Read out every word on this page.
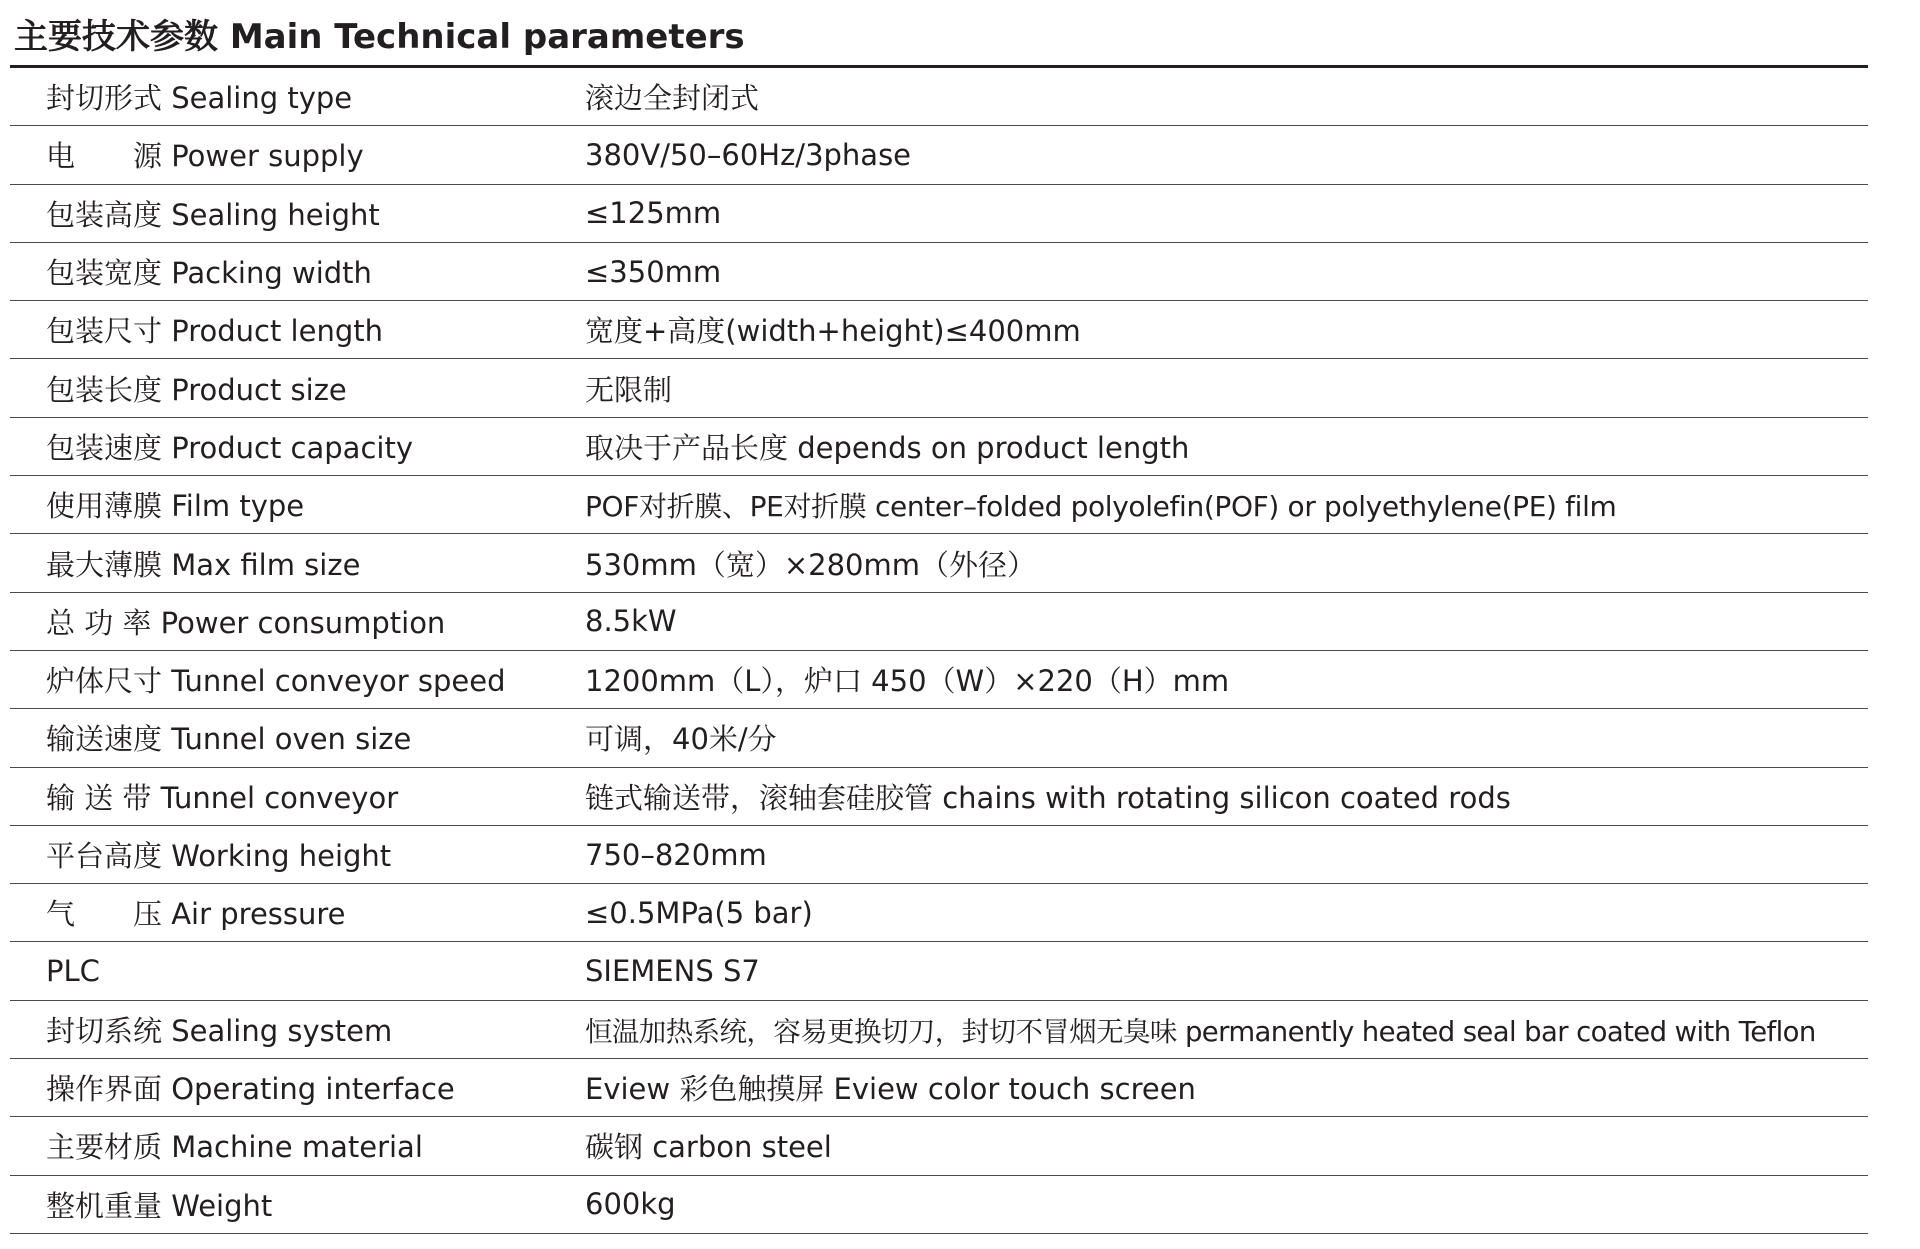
主要技术参数 Main Technical parameters
封切形式 Sealing type	滚边全封闭式
电　　源 Power supply	380V/50–60Hz/3phase
包装高度 Sealing height	≤125mm
包装宽度 Packing width	≤350mm
包装尺寸 Product length	宽度+高度(width+height)≤400mm
包装长度 Product size	无限制
包装速度 Product capacity	取决于产品长度 depends on product length
使用薄膜 Film type	POF对折膜、PE对折膜 center–folded polyolefin(POF) or polyethylene(PE) film
最大薄膜 Max film size	530mm（宽）×280mm（外径）
总 功 率 Power consumption	8.5kW
炉体尺寸 Tunnel conveyor speed	1200mm（L），炉口 450（W）×220（H）mm
输送速度 Tunnel oven size	可调，40米/分
输 送 带 Tunnel conveyor	链式输送带，滚轴套硅胶管 chains with rotating silicon coated rods
平台高度 Working height	750–820mm
气　　压 Air pressure	≤0.5MPa(5 bar)
PLC	SIEMENS S7
封切系统 Sealing system	恒温加热系统，容易更换切刀，封切不冒烟无臭味 permanently heated seal bar coated with Teflon
操作界面 Operating interface	Eview 彩色触摸屏 Eview color touch screen
主要材质 Machine material	碳钢 carbon steel
整机重量 Weight	600kg
